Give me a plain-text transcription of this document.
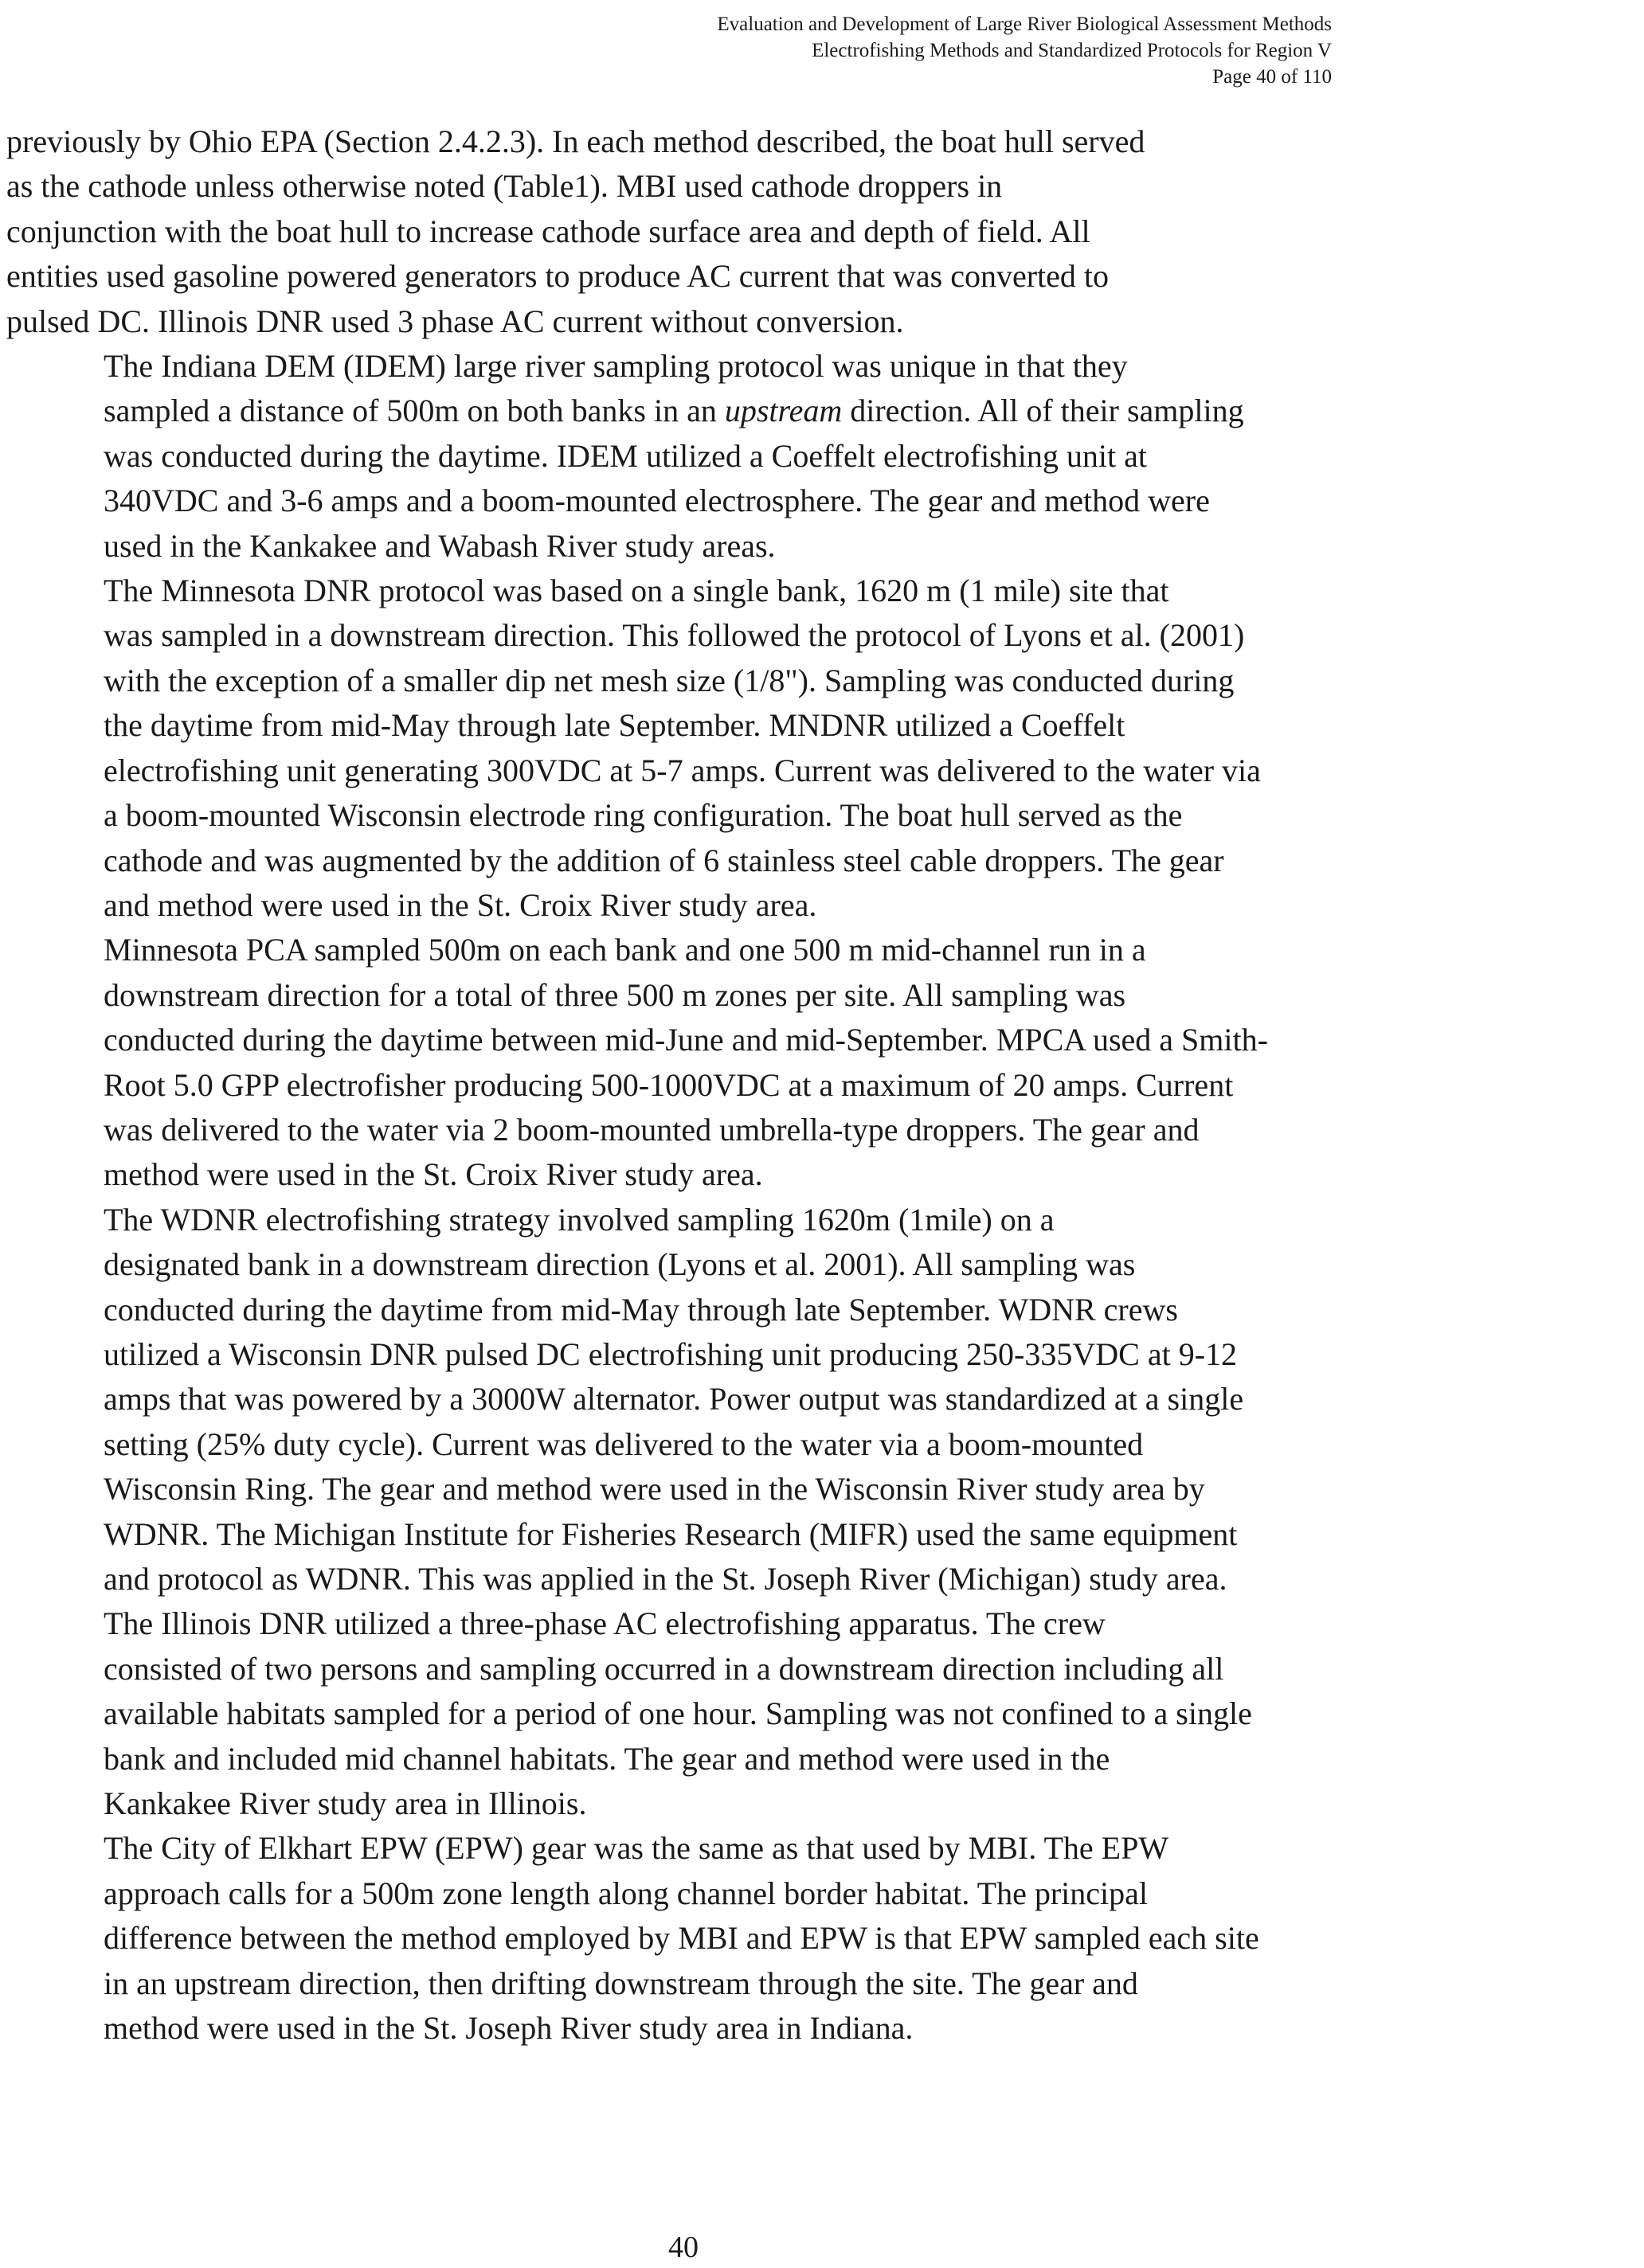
Evaluation and Development of Large River Biological Assessment Methods
Electrofishing Methods and Standardized Protocols for Region V
Page 40 of 110

previously by Ohio EPA (Section 2.4.2.3). In each method described, the boat hull served
as the cathode unless otherwise noted (Table1). MBI used cathode droppers in
conjunction with the boat hull to increase cathode surface area and depth of field. All
entities used gasoline powered generators to produce AC current that was converted to
pulsed DC. Illinois DNR used 3 phase AC current without conversion.

The Indiana DEM (IDEM) large river sampling protocol was unique in that they
sampled a distance of 500m on both banks in an upstream direction. All of their sampling
was conducted during the daytime. IDEM utilized a Coeffelt electrofishing unit at
340VDC and 3-6 amps and a boom-mounted electrosphere. The gear and method were
used in the Kankakee and Wabash River study areas.

The Minnesota DNR protocol was based on a single bank, 1620 m (1 mile) site that
was sampled in a downstream direction. This followed the protocol of Lyons et al. (2001)
with the exception of a smaller dip net mesh size (1/8"). Sampling was conducted during
the daytime from mid-May through late September. MNDNR utilized a Coeffelt
electrofishing unit generating 300VDC at 5-7 amps. Current was delivered to the water via
a boom-mounted Wisconsin electrode ring configuration. The boat hull served as the
cathode and was augmented by the addition of 6 stainless steel cable droppers. The gear
and method were used in the St. Croix River study area.

Minnesota PCA sampled 500m on each bank and one 500 m mid-channel run in a
downstream direction for a total of three 500 m zones per site. All sampling was
conducted during the daytime between mid-June and mid-September. MPCA used a Smith-
Root 5.0 GPP electrofisher producing 500-1000VDC at a maximum of 20 amps. Current
was delivered to the water via 2 boom-mounted umbrella-type droppers. The gear and
method were used in the St. Croix River study area.

The WDNR electrofishing strategy involved sampling 1620m (1mile) on a
designated bank in a downstream direction (Lyons et al. 2001). All sampling was
conducted during the daytime from mid-May through late September. WDNR crews
utilized a Wisconsin DNR pulsed DC electrofishing unit producing 250-335VDC at 9-12
amps that was powered by a 3000W alternator. Power output was standardized at a single
setting (25% duty cycle). Current was delivered to the water via a boom-mounted
Wisconsin Ring. The gear and method were used in the Wisconsin River study area by
WDNR. The Michigan Institute for Fisheries Research (MIFR) used the same equipment
and protocol as WDNR. This was applied in the St. Joseph River (Michigan) study area.

The Illinois DNR utilized a three-phase AC electrofishing apparatus. The crew
consisted of two persons and sampling occurred in a downstream direction including all
available habitats sampled for a period of one hour. Sampling was not confined to a single
bank and included mid channel habitats. The gear and method were used in the
Kankakee River study area in Illinois.

The City of Elkhart EPW (EPW) gear was the same as that used by MBI. The EPW
approach calls for a 500m zone length along channel border habitat. The principal
difference between the method employed by MBI and EPW is that EPW sampled each site
in an upstream direction, then drifting downstream through the site. The gear and
method were used in the St. Joseph River study area in Indiana.

40
